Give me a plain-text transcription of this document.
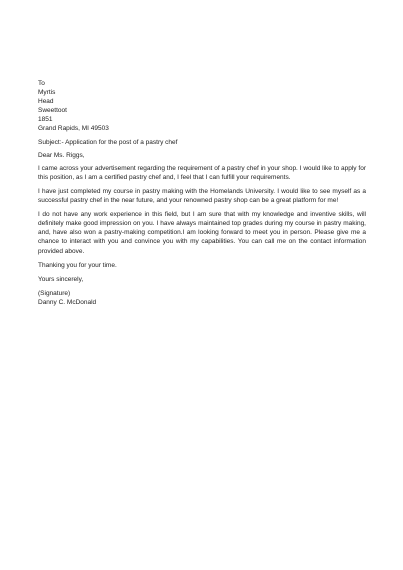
To
Myrtis
Head
Sweettoot
1851
Grand Rapids, MI 49503
Subject:- Application for the post of a pastry chef
Dear Ms. Riggs,

I came across your advertisement regarding the requirement of a pastry chef in your shop. I would like to apply for this position, as I am a certified pastry chef and, I feel that I can fulfill your requirements.

I have just completed my course in pastry making with the Homelands University. I would like to see myself as a successful pastry chef in the near future, and your renowned pastry shop can be a great platform for me!

I do not have any work experience in this field, but I am sure that with my knowledge and inventive skills, will definitely make good impression on you. I have always maintained top grades during my course in pastry making, and, have also won a pastry-making competition.I am looking forward to meet you in person. Please give me a chance to interact with you and convince you with my capabilities. You can call me on the contact information provided above.

Thanking you for your time.

Yours sincerely,
(Signature)
Danny C. McDonald
